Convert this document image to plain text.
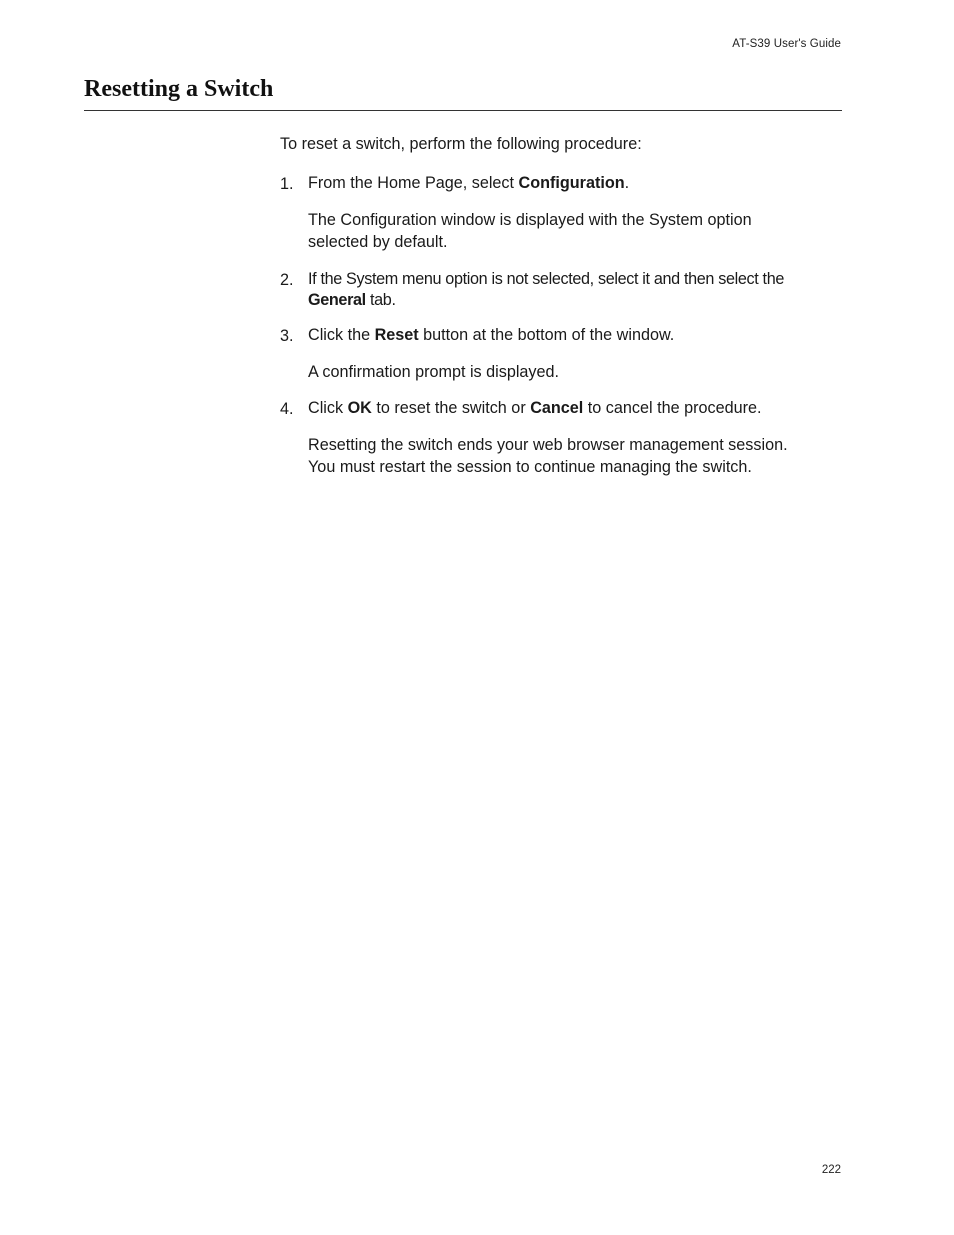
AT-S39 User's Guide
Resetting a Switch
To reset a switch, perform the following procedure:
1. From the Home Page, select Configuration.
The Configuration window is displayed with the System option selected by default.
2. If the System menu option is not selected, select it and then select the General tab.
3. Click the Reset button at the bottom of the window.
A confirmation prompt is displayed.
4. Click OK to reset the switch or Cancel to cancel the procedure.
Resetting the switch ends your web browser management session. You must restart the session to continue managing the switch.
222
